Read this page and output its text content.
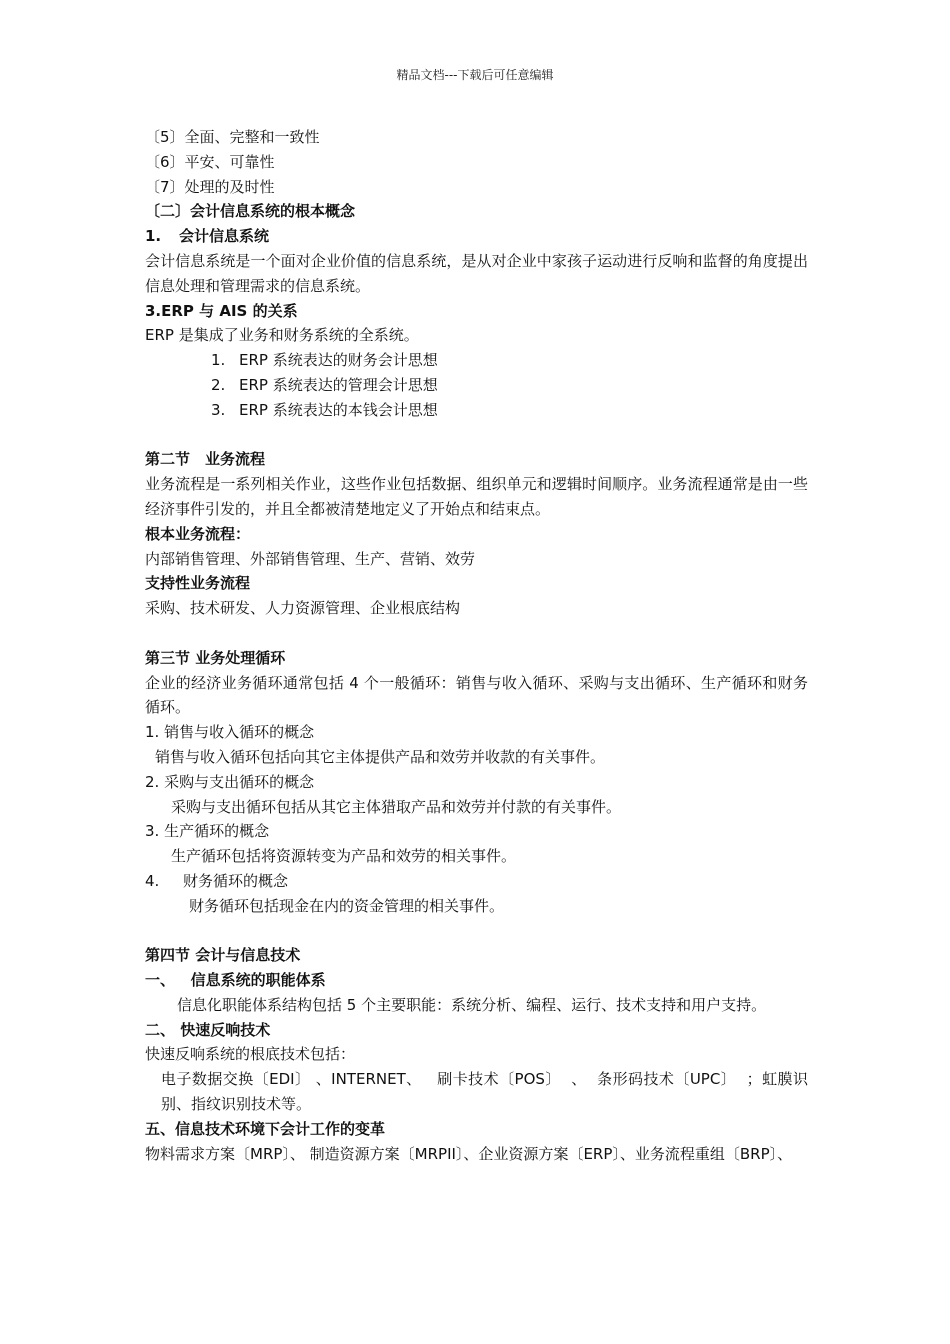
精品文档---下载后可任意编辑
〔5〕全面、完整和一致性
〔6〕平安、可靠性
〔7〕处理的及时性
〔二〕会计信息系统的根本概念
1. 会计信息系统
会计信息系统是一个面对企业价值的信息系统，是从对企业中家孩子运动进行反响和监督的角度提出信息处理和管理需求的信息系统。
3.ERP 与 AIS 的关系
ERP 是集成了业务和财务系统的全系统。
1. ERP 系统表达的财务会计思想
2. ERP 系统表达的管理会计思想
3. ERP 系统表达的本钱会计思想
第二节　业务流程
业务流程是一系列相关作业，这些作业包括数据、组织单元和逻辑时间顺序。业务流程通常是由一些经济事件引发的，并且全都被清楚地定义了开始点和结束点。
根本业务流程：
内部销售管理、外部销售管理、生产、营销、效劳
支持性业务流程
采购、技术研发、人力资源管理、企业根底结构
第三节 业务处理循环
企业的经济业务循环通常包括 4 个一般循环：销售与收入循环、采购与支出循环、生产循环和财务循环。
1. 销售与收入循环的概念
销售与收入循环包括向其它主体提供产品和效劳并收款的有关事件。
2. 采购与支出循环的概念
采购与支出循环包括从其它主体猎取产品和效劳并付款的有关事件。
3. 生产循环的概念
生产循环包括将资源转变为产品和效劳的相关事件。
4. 财务循环的概念
财务循环包括现金在内的资金管理的相关事件。
第四节 会计与信息技术
一、   信息系统的职能体系
信息化职能体系结构包括 5 个主要职能：系统分析、编程、运行、技术支持和用户支持。
二、 快速反响技术
快速反响系统的根底技术包括：
电子数据交换〔EDI〕 、INTERNET、   刷卡技术〔POS〕  、  条形码技术〔UPC〕  ；虹膜识别、指纹识别技术等。
五、信息技术环境下会计工作的变革
物料需求方案〔MRP〕、 制造资源方案〔MRPII〕、企业资源方案〔ERP〕、业务流程重组〔BRP〕、
